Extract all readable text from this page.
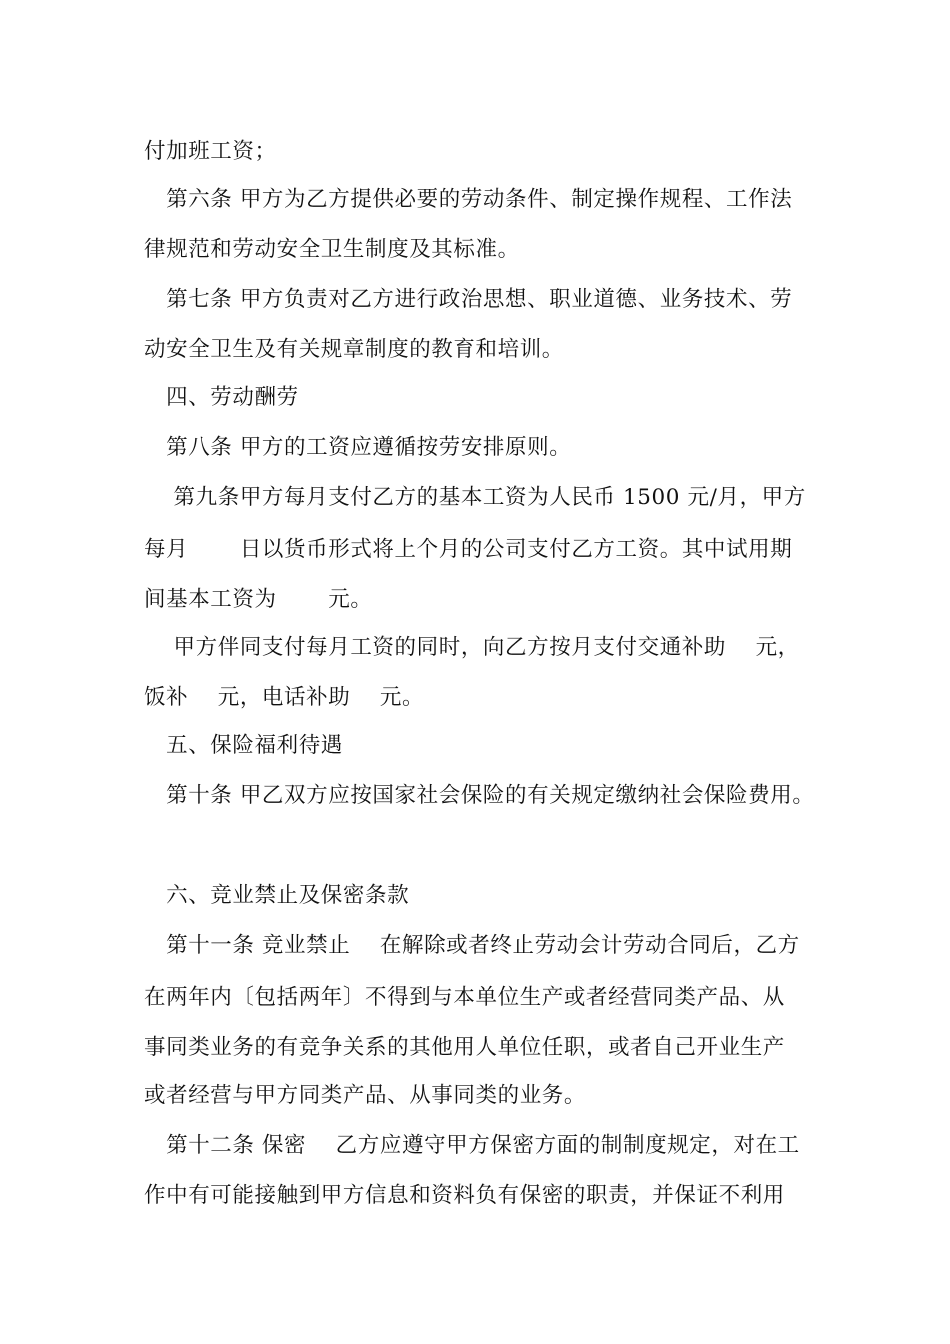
付加班工资；
　第六条 甲方为乙方提供必要的劳动条件、制定操作规程、工作法
律规范和劳动安全卫生制度及其标准。
　第七条 甲方负责对乙方进行政治思想、职业道德、业务技术、劳
动安全卫生及有关规章制度的教育和培训。
　四、劳动酬劳
　第八条 甲方的工资应遵循按劳安排原则。
　 第九条甲方每月支付乙方的基本工资为人民币 1500 元/月，甲方
每月　　 日以货币形式将上个月的公司支付乙方工资。其中试用期
间基本工资为　　 元。
　 甲方伴同支付每月工资的同时，向乙方按月支付交通补助　 元，
饭补　 元，电话补助　 元。
　五、保险福利待遇
　第十条 甲乙双方应按国家社会保险的有关规定缴纳社会保险费用。
　六、竞业禁止及保密条款
　第十一条 竞业禁止　 在解除或者终止劳动会计劳动合同后，乙方
在两年内〔包括两年〕不得到与本单位生产或者经营同类产品、从
事同类业务的有竞争关系的其他用人单位任职，或者自己开业生产
或者经营与甲方同类产品、从事同类的业务。
　第十二条 保密　 乙方应遵守甲方保密方面的制制度规定，对在工
作中有可能接触到甲方信息和资料负有保密的职责，并保证不利用
